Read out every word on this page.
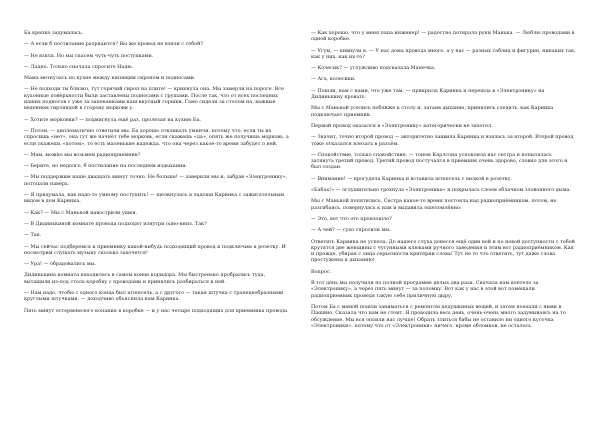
Ба крепко задумалась.

— А если б постилание разрядится? Вы же провод не взяли с собой?

— Не взяла. Но мы спасем чуть-чуть поступками.

— Ладно. Только сначала спросите Надю.

Мама метнулась по кухне между кипящим сиропом и подносами.

— Не подходи ты близко, тут горячий сироп на плите! — крикнула она. Мы замерли на пороге. Все кухонные поверхности были заставлены подносами с грушами. После так, что от всех последних наших подносов с уже за запеканками наш вкусный горшки. Гамо сидели за столом на, важные ведением гирляндой в сторону моркови у.

— Хотите морковки? — подмигнула ещё раз, пролезая на кухню Ба.

— Потом, — дипломатично ответили мы. Ба хорошо откликать умничи, потому что, если ты их спросишь «нет», она тут же начнёт тебе морковь, если скажешь «да», опять же получишь морковь, а если скажешь «потом», то есть маленькие надежда, что она через какое-то время забудет о ней.

— Мам, можно мы возьмем радиоприемник?

— Берите, но недолго, б постилание на последнем издыхании.

— Мы поддержим наше двадцать минут точно. Не больше! — заверили мы и, забрав «Электронику», потопали наверх.

— Я придумала, как надо-то умному поступить! — щелкнулась в ладоши Каринка с зажигательным видом в дом Каринка.

— Как? — Мы с Манькой навострили ушки.

— В Дидинькиной комнате провода подходят изнутри одно-вниз. Так?

— Так.

— Мы сейчас подберемся к приемнику какой-нибудь подходящий провод и подключим к розетку. И посмотрим слушать музыку сколько захочется!

— Ура! — обрадовались мы.

Дидинькина комната находилась в самом конце коридора. Мы быстренько пробрались туда, вытащили из-под стола коробку с проводами и принялись разбираться в ней.

— Нам надо, чтобы с одного конца был штепсель, а с другого — такая штучка с трапецеобразными круглыми штучками, — доходчиво объяснила нам Каринка.

Пять минут остервенелого копания в коробке — и у нас четыре подходящих для приемника провода.

— Как хорошо, что у меня папа инженер! — радостно потирала руки Манька. — Люблю проводами в одной коробке.

— Угум, — кивнули я. — У нас дома провода много, а у нас — разных таблиц и фигурин, никаких так, как у них, как их-то?

— Колесик? — услужливо подсказала Манечка.

— Ага, колесики.

— Пошли, нам с нами, что уже там, — прикрыла Каринка и перешла в «Электронику» на Дидинькину кровать.

Мы с Манькой уселись поближе к столу и, затаив дыхание, принялись следить, как Каринка подключает приемник.

Первый провод оказался в «Электронику» категорически не захотел.

— Значит, точно второй провод — авторитетно заявила Каринка и взялась за второй. Второй провод тоже отказался влезать в разъём.

— Спокойствие, только спокойствие, — тоном Карлсона успокоила нас сестра и попыталась затянуть третий провод. Третий провод постучался в приемник очень здорово, словно для этого и был создан.

— Внимание! — прогудела Каринка и вставила штепсель с вилкой в розетку.

«Бабах!» — оглушительно грохнула «Электроника» и покрылась слоем облачком зловонного дыма.

Мы с Манькой попятились. Сестра какое-то время постояла над радиоприёмником, потом, не разгибаясь, повернулась к нам и выдавила ошеломлённо:

— Это, вот что это произошло?

— А чей? — сухо спросили мы.

Ответить Каринка не успела. До нашего слуха донесся ещё один вой и по новой доступности с тобой крутятся две женщины с чугунными клюками ручного заведения и этим вот радиоприёмником. Как и прежде, убирая с лица серьезности критерии слова! Тут не то что ответить, тут даже слова простужены к дыханию!

Вопрос.

В тот день мы получили по полной программе целых два раза. Сначала нам влетело за «Электронику», а через пять минут — за поломку. Вот как у нас в этой вот помещали радиоприемник проведя такую себе приличную дыру.

Потом Ба с мамой пошли заниматься с ремонтом дедушкиных вещей, и затем поехали с ними в Пашино. Сказала что нам не стоит. Я проводила весь день, очень-очень много задумываясь на то обсуждение. Мы вся опоили нас лучше! Обрать злиться бабы не оставило ни одного кусочка «Электроники», потому что от «Электроники» ничего, кроме обломков, не осталось.
